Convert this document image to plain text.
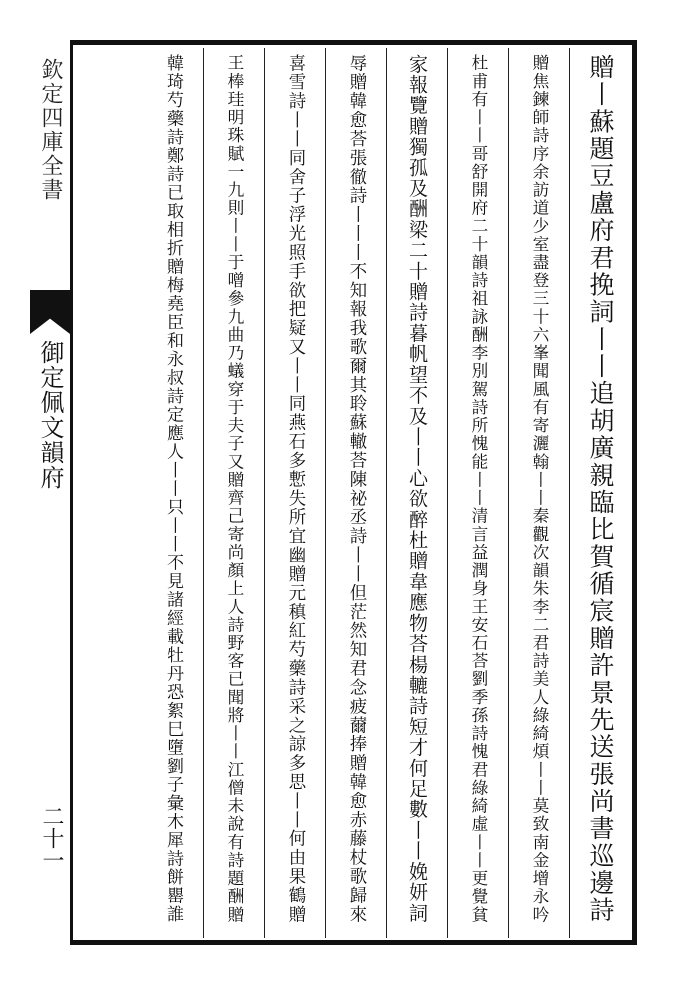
欽定四庫全書
御定佩文韻府
二十一	贈丨蘇題豆盧府君挽詞丨丨追胡廣親臨比賀循宸贈許景先送張尚書巡邊詩
贈焦鍊師詩序余訪道少室盡登三十六峯聞風有寄灑翰丨丨秦觀次韻朱李二君詩美人綠綺煩丨丨莫致南金增永吟
杜甫有丨丨哥舒開府二十韻詩祖詠酬李別駕詩所愧能丨丨清言益潤身王安石荅劉季孫詩愧君綠綺虛丨丨更覺貧
家報覽贈獨孤及酬梁二十贈詩暮帆望不及丨丨心欲醉杜贈韋應物荅楊轆詩短才何足數丨丨娩妍詞
辱贈韓愈荅張徹詩丨丨丨不知報我歌爾其聆蘇轍荅陳祕丞詩丨丨但茫然知君念疲薾捧贈韓愈赤藤杖歌歸來
喜雪詩丨丨同舍子浮光照手欲把疑又丨丨同燕石多慙失所宜幽贈元稹紅芍藥詩采之諒多思丨丨何由果鶴贈
王棒珪明珠賦一九則丨丨于噌參九曲乃蟻穿于夫子又贈齊己寄尚顏上人詩野客已聞將丨丨江僧未說有詩題酬贈
韓琦芍藥詩鄭詩已取相折贈梅堯臣和永叔詩定應人丨丨只丨丨不見諸經載牡丹恐絮巳墮劉子彙木犀詩餅罌誰
